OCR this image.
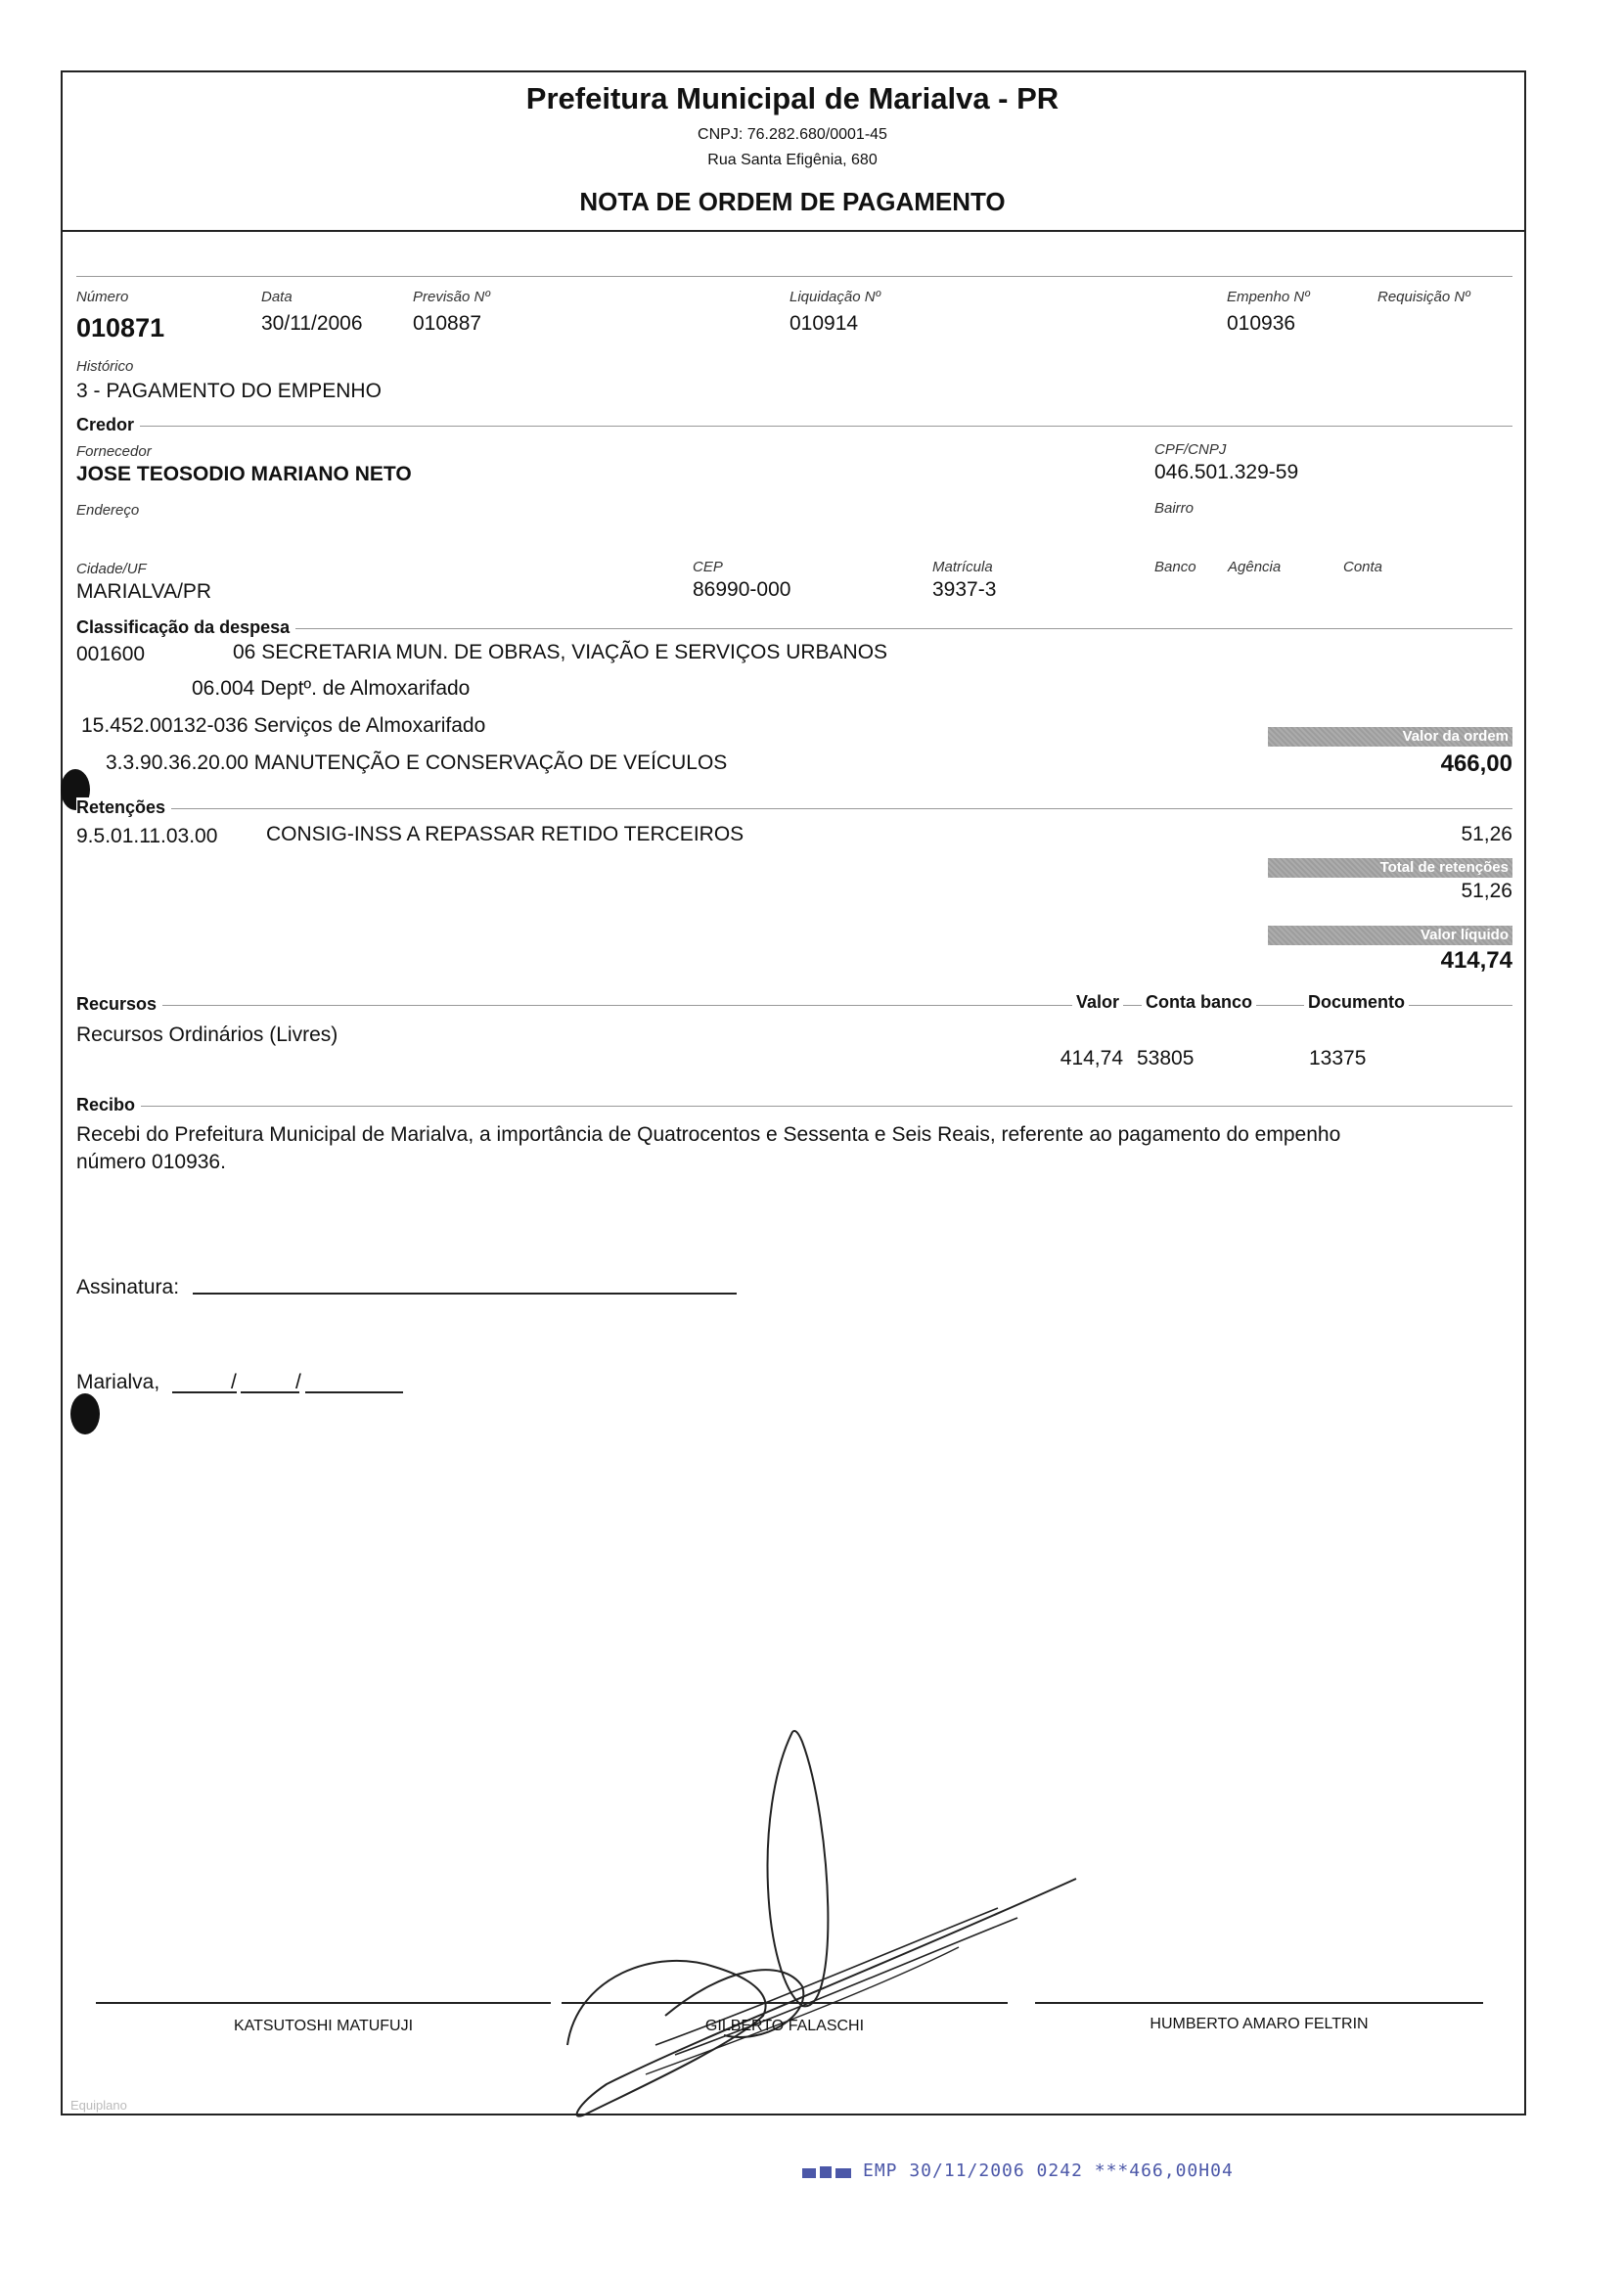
Prefeitura Municipal de Marialva - PR
CNPJ: 76.282.680/0001-45
Rua Santa Efigênia, 680
NOTA DE ORDEM DE PAGAMENTO
Número
010871
Data
30/11/2006
Previsão Nº
010887
Liquidação Nº
010914
Empenho Nº
010936
Requisição Nº
Histórico
3 - PAGAMENTO DO EMPENHO
Credor
Fornecedor
JOSE TEOSODIO MARIANO NETO
CPF/CNPJ
046.501.329-59
Endereço	Bairro
Cidade/UF
MARIALVA/PR
CEP
86990-000
Matrícula
3937-3
Banco Agência	Conta
Classificação da despesa
001600	06 SECRETARIA MUN. DE OBRAS, VIAÇÃO E SERVIÇOS URBANOS
06.004 Deptº. de Almoxarifado
15.452.00132-036 Serviços de Almoxarifado
3.3.90.36.20.00 MANUTENÇÃO E CONSERVAÇÃO DE VEÍCULOS
Valor da ordem
466,00
Retenções
9.5.01.11.03.00 CONSIG-INSS A REPASSAR RETIDO TERCEIROS	51,26
Total de retenções
51,26
Valor líquido
414,74
Recursos	Valor Conta banco	Documento
Recursos Ordinários (Livres)
414,74 53805	13375
Recibo
Recebi do Prefeitura Municipal de Marialva, a importância de Quatrocentos e Sessenta e Seis Reais, referente ao pagamento do empenho
número 010936.
Assinatura:
Marialva,	/	/
KATSUTOSHI MATUFUJI	GILBERTO FALASCHI	HUMBERTO AMARO FELTRIN
Equiplano
EMP 30/11/2006 0242 ***466,00H04
